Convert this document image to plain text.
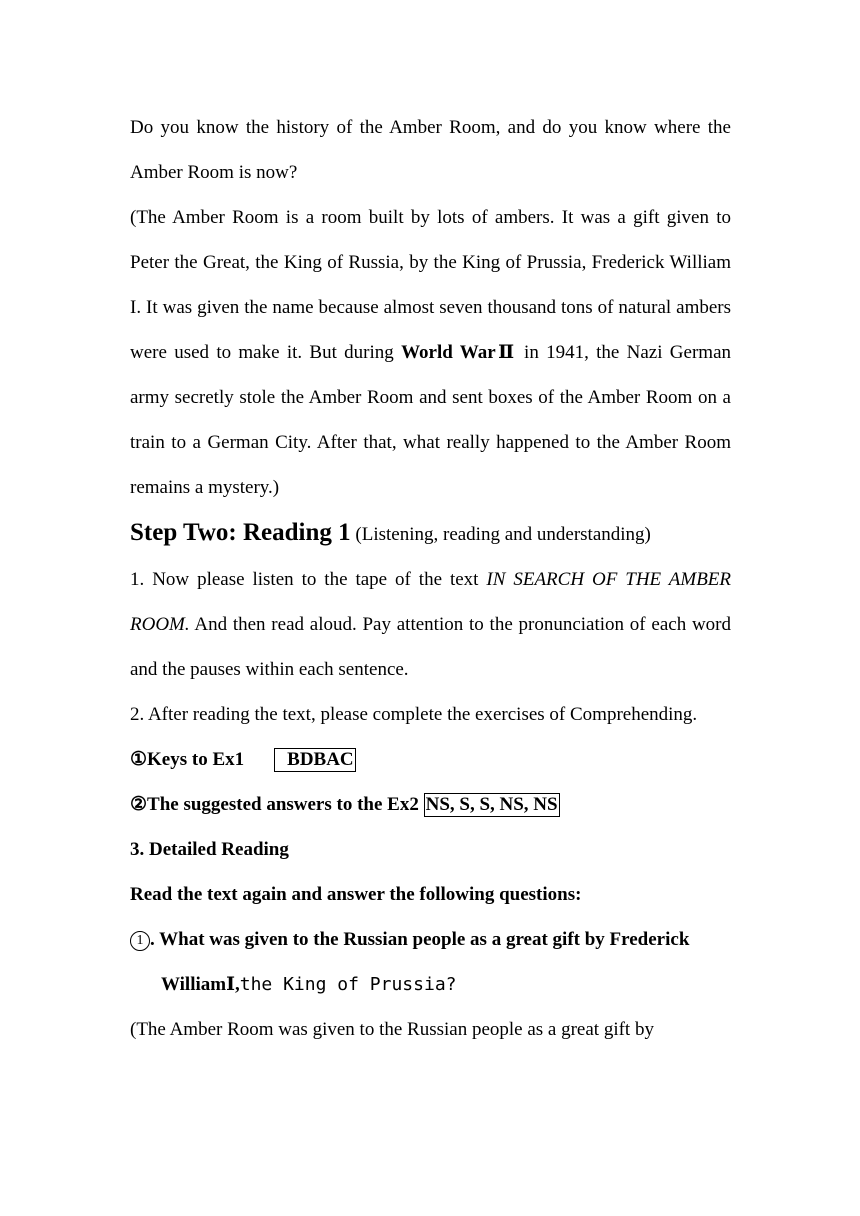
Do you know the history of the Amber Room, and do you know where the Amber Room is now?

(The Amber Room is a room built by lots of ambers. It was a gift given to Peter the Great, the King of Russia, by the King of Prussia, Frederick William I. It was given the name because almost seven thousand tons of natural ambers were used to make it. But during World WarⅡ in 1941, the Nazi German army secretly stole the Amber Room and sent boxes of the Amber Room on a train to a German City. After that, what really happened to the Amber Room remains a mystery.)

Step Two: Reading 1 (Listening, reading and understanding)

1. Now please listen to the tape of the text IN SEARCH OF THE AMBER ROOM. And then read aloud. Pay attention to the pronunciation of each word and the pauses within each sentence.

2. After reading the text, please complete the exercises of Comprehending.

①Keys to Ex1 BDBAC

②The suggested answers to the Ex2 NS, S, S, NS, NS

3. Detailed Reading

Read the text again and answer the following questions:

1 . What was given to the Russian people as a great gift by Frederick

WilliamⅠ,the King of Prussia?

(The Amber Room was given to the Russian people as a great gift by
